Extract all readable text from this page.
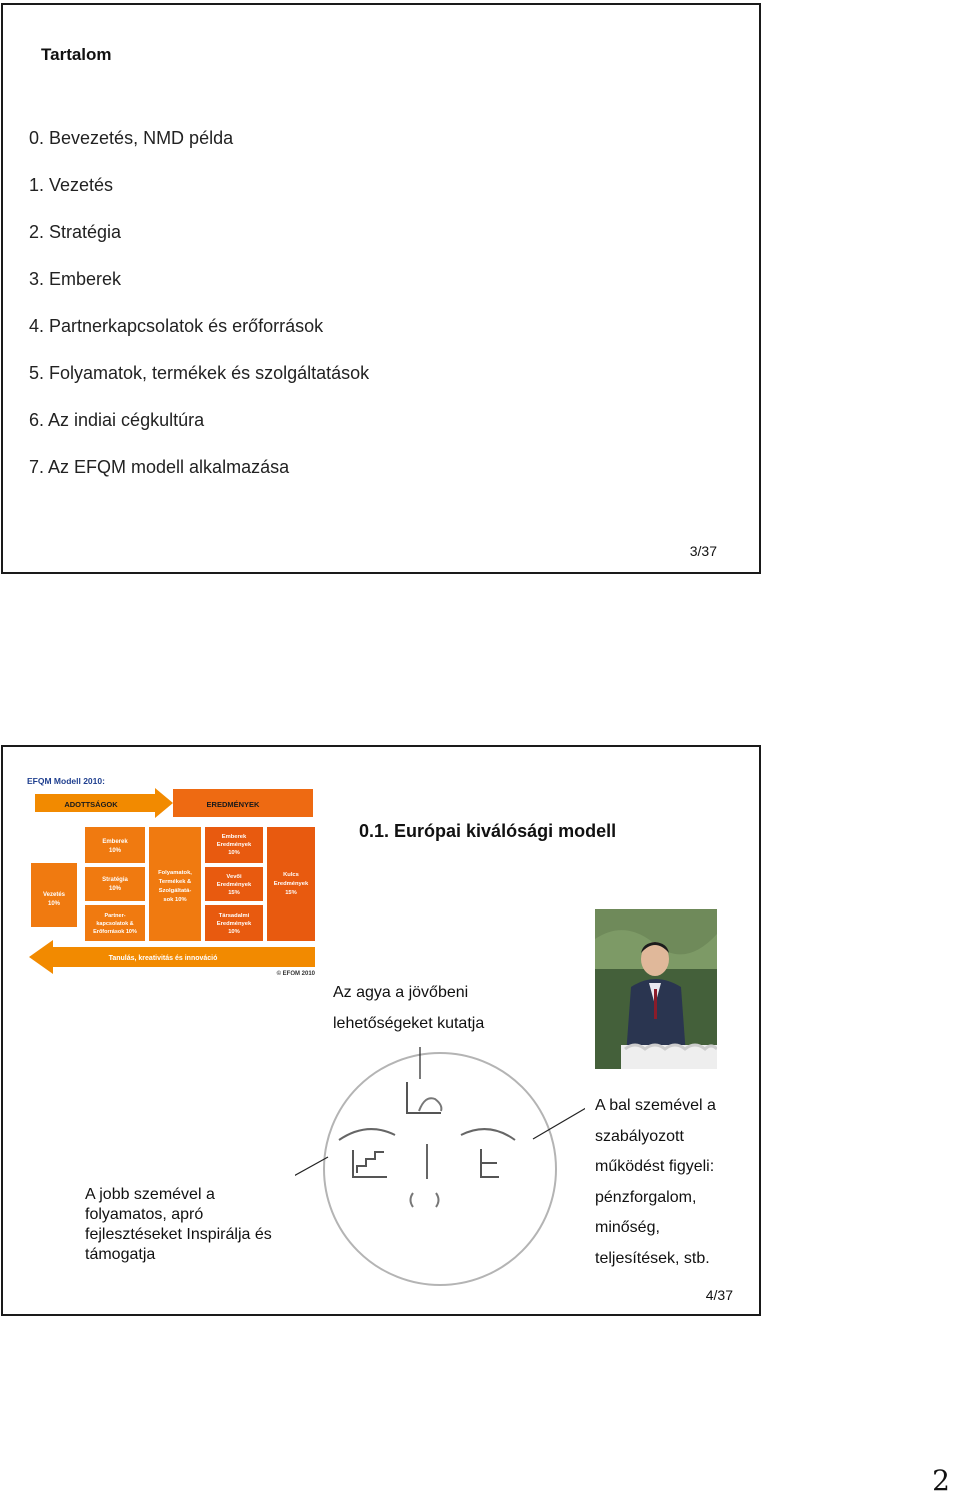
Tartalom
0. Bevezetés, NMD példa
1. Vezetés
2. Stratégia
3. Emberek
4. Partnerkapcsolatok és erőforrások
5. Folyamatok, termékek és szolgáltatások
6. Az indiai cégkultúra
7. Az EFQM modell alkalmazása
3/37
EFQM Modell 2010:
ADOTTSÁGOK	EREDMÉNYEK
Vezetés
10%
Emberek
10%
Stratégia
10%
Partner-
kapcsolatok &
Erőforrások 10%
Folyamatok,
Termékek &
Szolgáltatá-
sok 10%
Emberek
Eredmények
10%
Vevői
Eredmények
15%
Társadalmi
Eredmények
10%
Kulcs
Eredmények
15%
Tanulás, kreativitás és innováció
© EFQM 2010
0.1. Európai kiválósági modell
Az agya a jövőbeni
lehetőségeket kutatja
A jobb szemével a
folyamatos, apró
fejlesztéseket Inspirálja és
támogatja
A bal szemével a
szabályozott
működést figyeli:
pénzforgalom,
minőség,
teljesítések, stb.
4/37
2
